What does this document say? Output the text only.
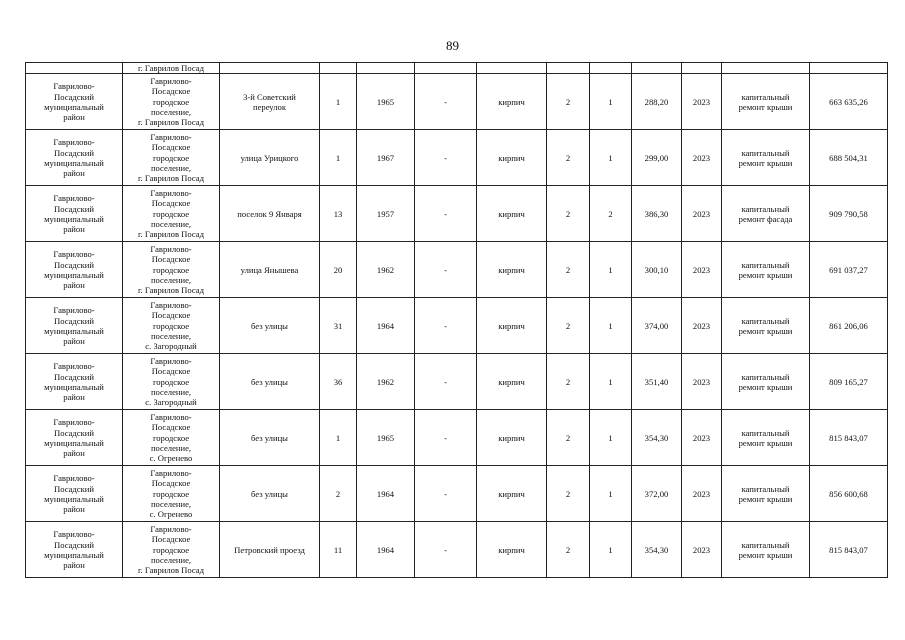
89
	г. Гаврилов Посад											

Гаврилово-
Посадский
муниципальный
район	Гаврилово-
Посадское
городское
поселение,
г. Гаврилов Посад	3-й Советский
переулок	1	1965	-	кирпич	2	1	288,20	2023	капитальный
ремонт крыши	663 635,26

Гаврилово-
Посадский
муниципальный
район	Гаврилово-
Посадское
городское
поселение,
г. Гаврилов Посад	улица Урицкого	1	1967	-	кирпич	2	1	299,00	2023	капитальный
ремонт крыши	688 504,31

Гаврилово-
Посадский
муниципальный
район	Гаврилово-
Посадское
городское
поселение,
г. Гаврилов Посад	поселок 9 Января	13	1957	-	кирпич	2	2	386,30	2023	капитальный
ремонт фасада	909 790,58

Гаврилово-
Посадский
муниципальный
район	Гаврилово-
Посадское
городское
поселение,
г. Гаврилов Посад	улица Янышева	20	1962	-	кирпич	2	1	300,10	2023	капитальный
ремонт крыши	691 037,27

Гаврилово-
Посадский
муниципальный
район	Гаврилово-
Посадское
городское
поселение,
с. Загородный	без улицы	31	1964	-	кирпич	2	1	374,00	2023	капитальный
ремонт крыши	861 206,06

Гаврилово-
Посадский
муниципальный
район	Гаврилово-
Посадское
городское
поселение,
с. Загородный	без улицы	36	1962	-	кирпич	2	1	351,40	2023	капитальный
ремонт крыши	809 165,27

Гаврилово-
Посадский
муниципальный
район	Гаврилово-
Посадское
городское
поселение,
с. Огренево	без улицы	1	1965	-	кирпич	2	1	354,30	2023	капитальный
ремонт крыши	815 843,07

Гаврилово-
Посадский
муниципальный
район	Гаврилово-
Посадское
городское
поселение,
с. Огренево	без улицы	2	1964	-	кирпич	2	1	372,00	2023	капитальный
ремонт крыши	856 600,68

Гаврилово-
Посадский
муниципальный
район	Гаврилово-
Посадское
городское
поселение,
г. Гаврилов Посад	Петровский проезд	11	1964	-	кирпич	2	1	354,30	2023	капитальный
ремонт крыши	815 843,07
